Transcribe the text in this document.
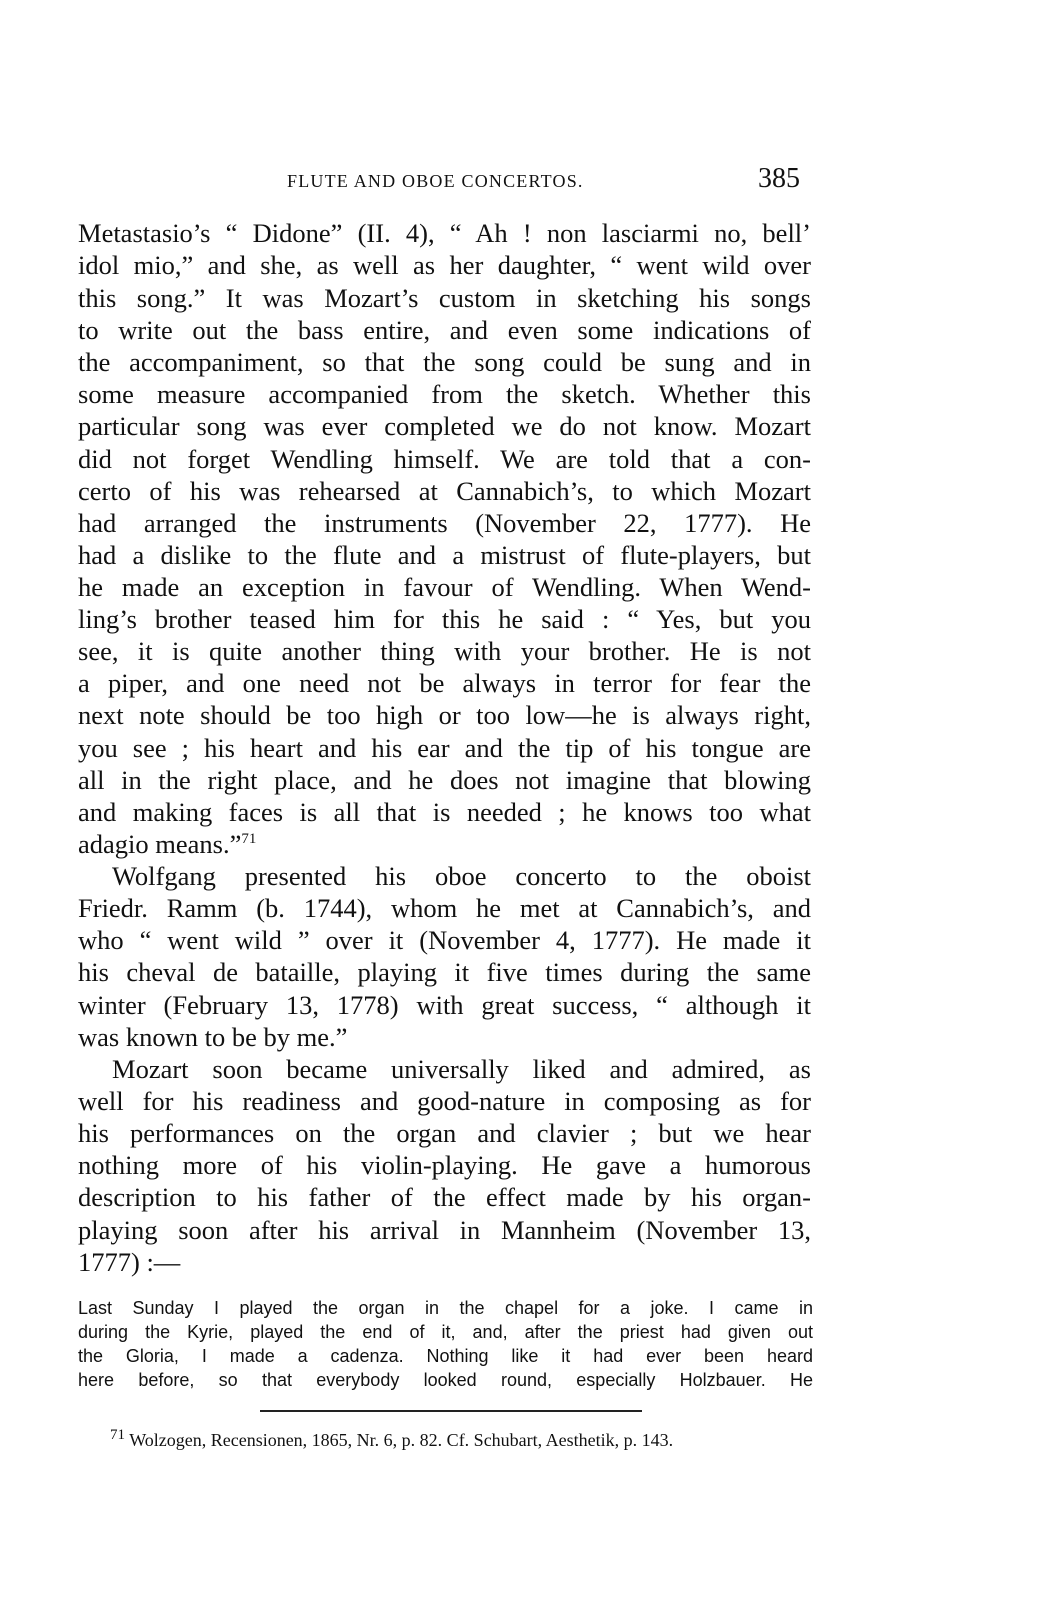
FLUTE AND OBOE CONCERTOS.	385
Metastasio’s “ Didone” (II. 4), “ Ah ! non lasciarmi no, bell’
idol mio,” and she, as well as her daughter, “ went wild over
this song.” It was Mozart’s custom in sketching his songs
to write out the bass entire, and even some indications of
the accompaniment, so that the song could be sung and in
some measure accompanied from the sketch. Whether this
particular song was ever completed we do not know. Mozart
did not forget Wendling himself. We are told that a con-
certo of his was rehearsed at Cannabich’s, to which Mozart
had arranged the instruments (November 22, 1777). He
had a dislike to the flute and a mistrust of flute-players, but
he made an exception in favour of Wendling. When Wend-
ling’s brother teased him for this he said : “ Yes, but you
see, it is quite another thing with your brother. He is not
a piper, and one need not be always in terror for fear the
next note should be too high or too low—he is always right,
you see ; his heart and his ear and the tip of his tongue are
all in the right place, and he does not imagine that blowing
and making faces is all that is needed ; he knows too what
adagio means.”$^{71}$
Wolfgang presented his oboe concerto to the oboist
Friedr. Ramm (b. 1744), whom he met at Cannabich’s, and
who “ went wild ” over it (November 4, 1777). He made it
his cheval de bataille, playing it five times during the same
winter (February 13, 1778) with great success, “ although it
was known to be by me.”
Mozart soon became universally liked and admired, as
well for his readiness and good-nature in composing as for
his performances on the organ and clavier ; but we hear
nothing more of his violin-playing. He gave a humorous
description to his father of the effect made by his organ-
playing soon after his arrival in Mannheim (November 13,
1777) :—
Last Sunday I played the organ in the chapel for a joke. I came in
during the Kyrie, played the end of it, and, after the priest had given out
the Gloria, I made a cadenza. Nothing like it had ever been heard
here before, so that everybody looked round, especially Holzbauer. He
$^{71}$ Wolzogen, Recensionen, 1865, Nr. 6, p. 82. Cf. Schubart, Aesthetik, p. 143.
